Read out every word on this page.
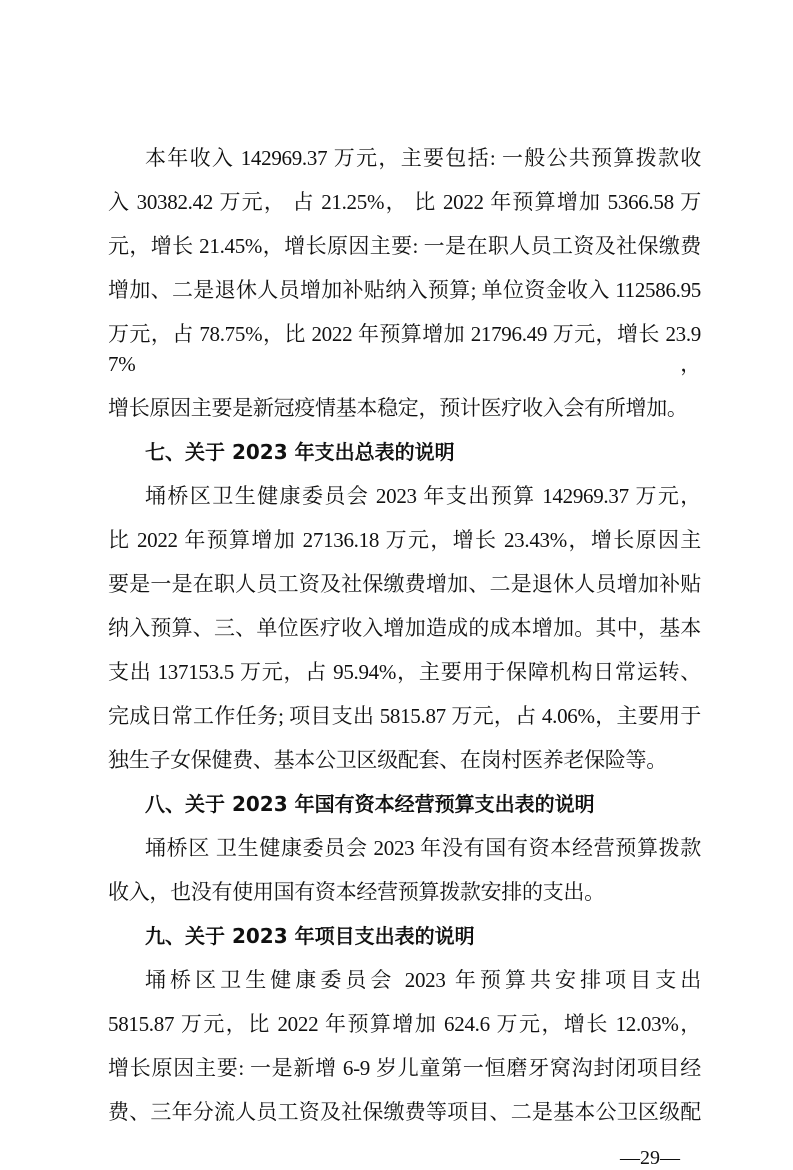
本年收入 142969.37 万元，主要包括: 一般公共预算拨款收
入 30382.42 万元， 占 21.25%， 比 2022 年预算增加 5366.58 万
元，增长 21.45%，增长原因主要: 一是在职人员工资及社保缴费
增加、二是退休人员增加补贴纳入预算; 单位资金收入 112586.95
万元，占 78.75%，比 2022 年预算增加 21796.49 万元，增长 23.97%，
增长原因主要是新冠疫情基本稳定，预计医疗收入会有所增加。
七、关于 2023 年支出总表的说明
埇桥区卫生健康委员会 2023 年支出预算 142969.37 万元，
比 2022 年预算增加 27136.18 万元，增长 23.43%，增长原因主
要是一是在职人员工资及社保缴费增加、二是退休人员增加补贴
纳入预算、三、单位医疗收入增加造成的成本增加。其中，基本
支出 137153.5 万元，占 95.94%，主要用于保障机构日常运转、
完成日常工作任务; 项目支出 5815.87 万元，占 4.06%，主要用于
独生子女保健费、基本公卫区级配套、在岗村医养老保险等。
八、关于 2023 年国有资本经营预算支出表的说明
埇桥区 卫生健康委员会 2023 年没有国有资本经营预算拨款
收入，也没有使用国有资本经营预算拨款安排的支出。
九、关于 2023 年项目支出表的说明
埇桥区卫生健康委员会 2023 年预算共安排项目支出
5815.87 万元，比 2022 年预算增加 624.6 万元，增长 12.03%，
增长原因主要: 一是新增 6-9 岁儿童第一恒磨牙窝沟封闭项目经
费、三年分流人员工资及社保缴费等项目、二是基本公卫区级配
—29—
